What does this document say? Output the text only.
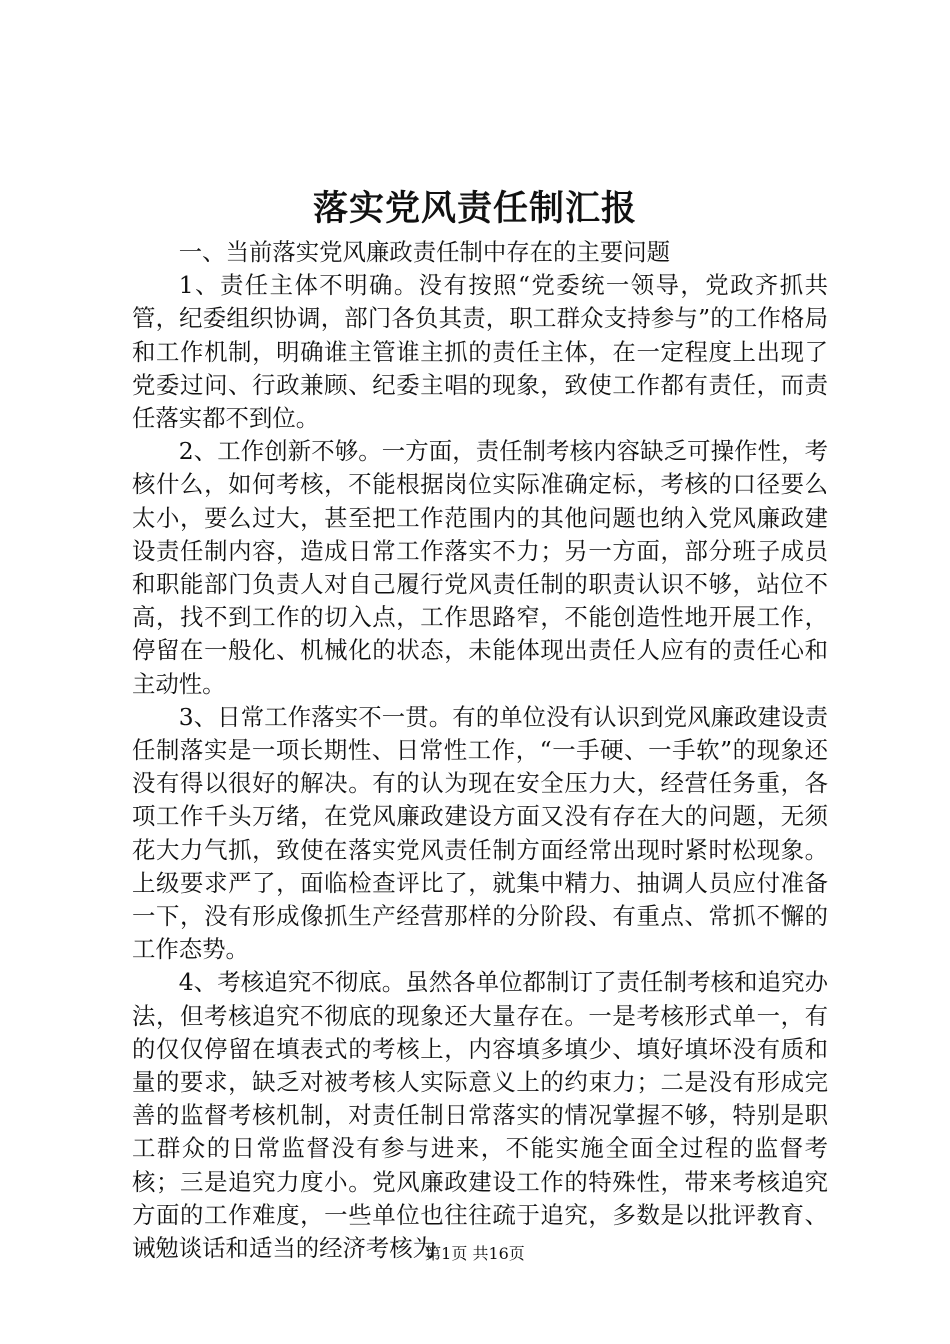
落实党风责任制汇报

一、当前落实党风廉政责任制中存在的主要问题

1、责任主体不明确。没有按照“党委统一领导，党政齐抓共管，纪委组织协调，部门各负其责，职工群众支持参与”的工作格局和工作机制，明确谁主管谁主抓的责任主体，在一定程度上出现了党委过问、行政兼顾、纪委主唱的现象，致使工作都有责任，而责任落实都不到位。

2、工作创新不够。一方面，责任制考核内容缺乏可操作性，考核什么，如何考核，不能根据岗位实际准确定标，考核的口径要么太小，要么过大，甚至把工作范围内的其他问题也纳入党风廉政建设责任制内容，造成日常工作落实不力；另一方面，部分班子成员和职能部门负责人对自己履行党风责任制的职责认识不够，站位不高，找不到工作的切入点，工作思路窄，不能创造性地开展工作，停留在一般化、机械化的状态，未能体现出责任人应有的责任心和主动性。

3、日常工作落实不一贯。有的单位没有认识到党风廉政建设责任制落实是一项长期性、日常性工作，“一手硬、一手软”的现象还没有得以很好的解决。有的认为现在安全压力大，经营任务重，各项工作千头万绪，在党风廉政建设方面又没有存在大的问题，无须花大力气抓，致使在落实党风责任制方面经常出现时紧时松现象。上级要求严了，面临检查评比了，就集中精力、抽调人员应付准备一下，没有形成像抓生产经营那样的分阶段、有重点、常抓不懈的工作态势。

4、考核追究不彻底。虽然各单位都制订了责任制考核和追究办法，但考核追究不彻底的现象还大量存在。一是考核形式单一，有的仅仅停留在填表式的考核上，内容填多填少、填好填坏没有质和量的要求，缺乏对被考核人实际意义上的约束力；二是没有形成完善的监督考核机制，对责任制日常落实的情况掌握不够，特别是职工群众的日常监督没有参与进来，不能实施全面全过程的监督考核；三是追究力度小。党风廉政建设工作的特殊性，带来考核追究方面的工作难度，一些单位也往往疏于追究，多数是以批评教育、诫勉谈话和适当的经济考核为

第1页 共16页
